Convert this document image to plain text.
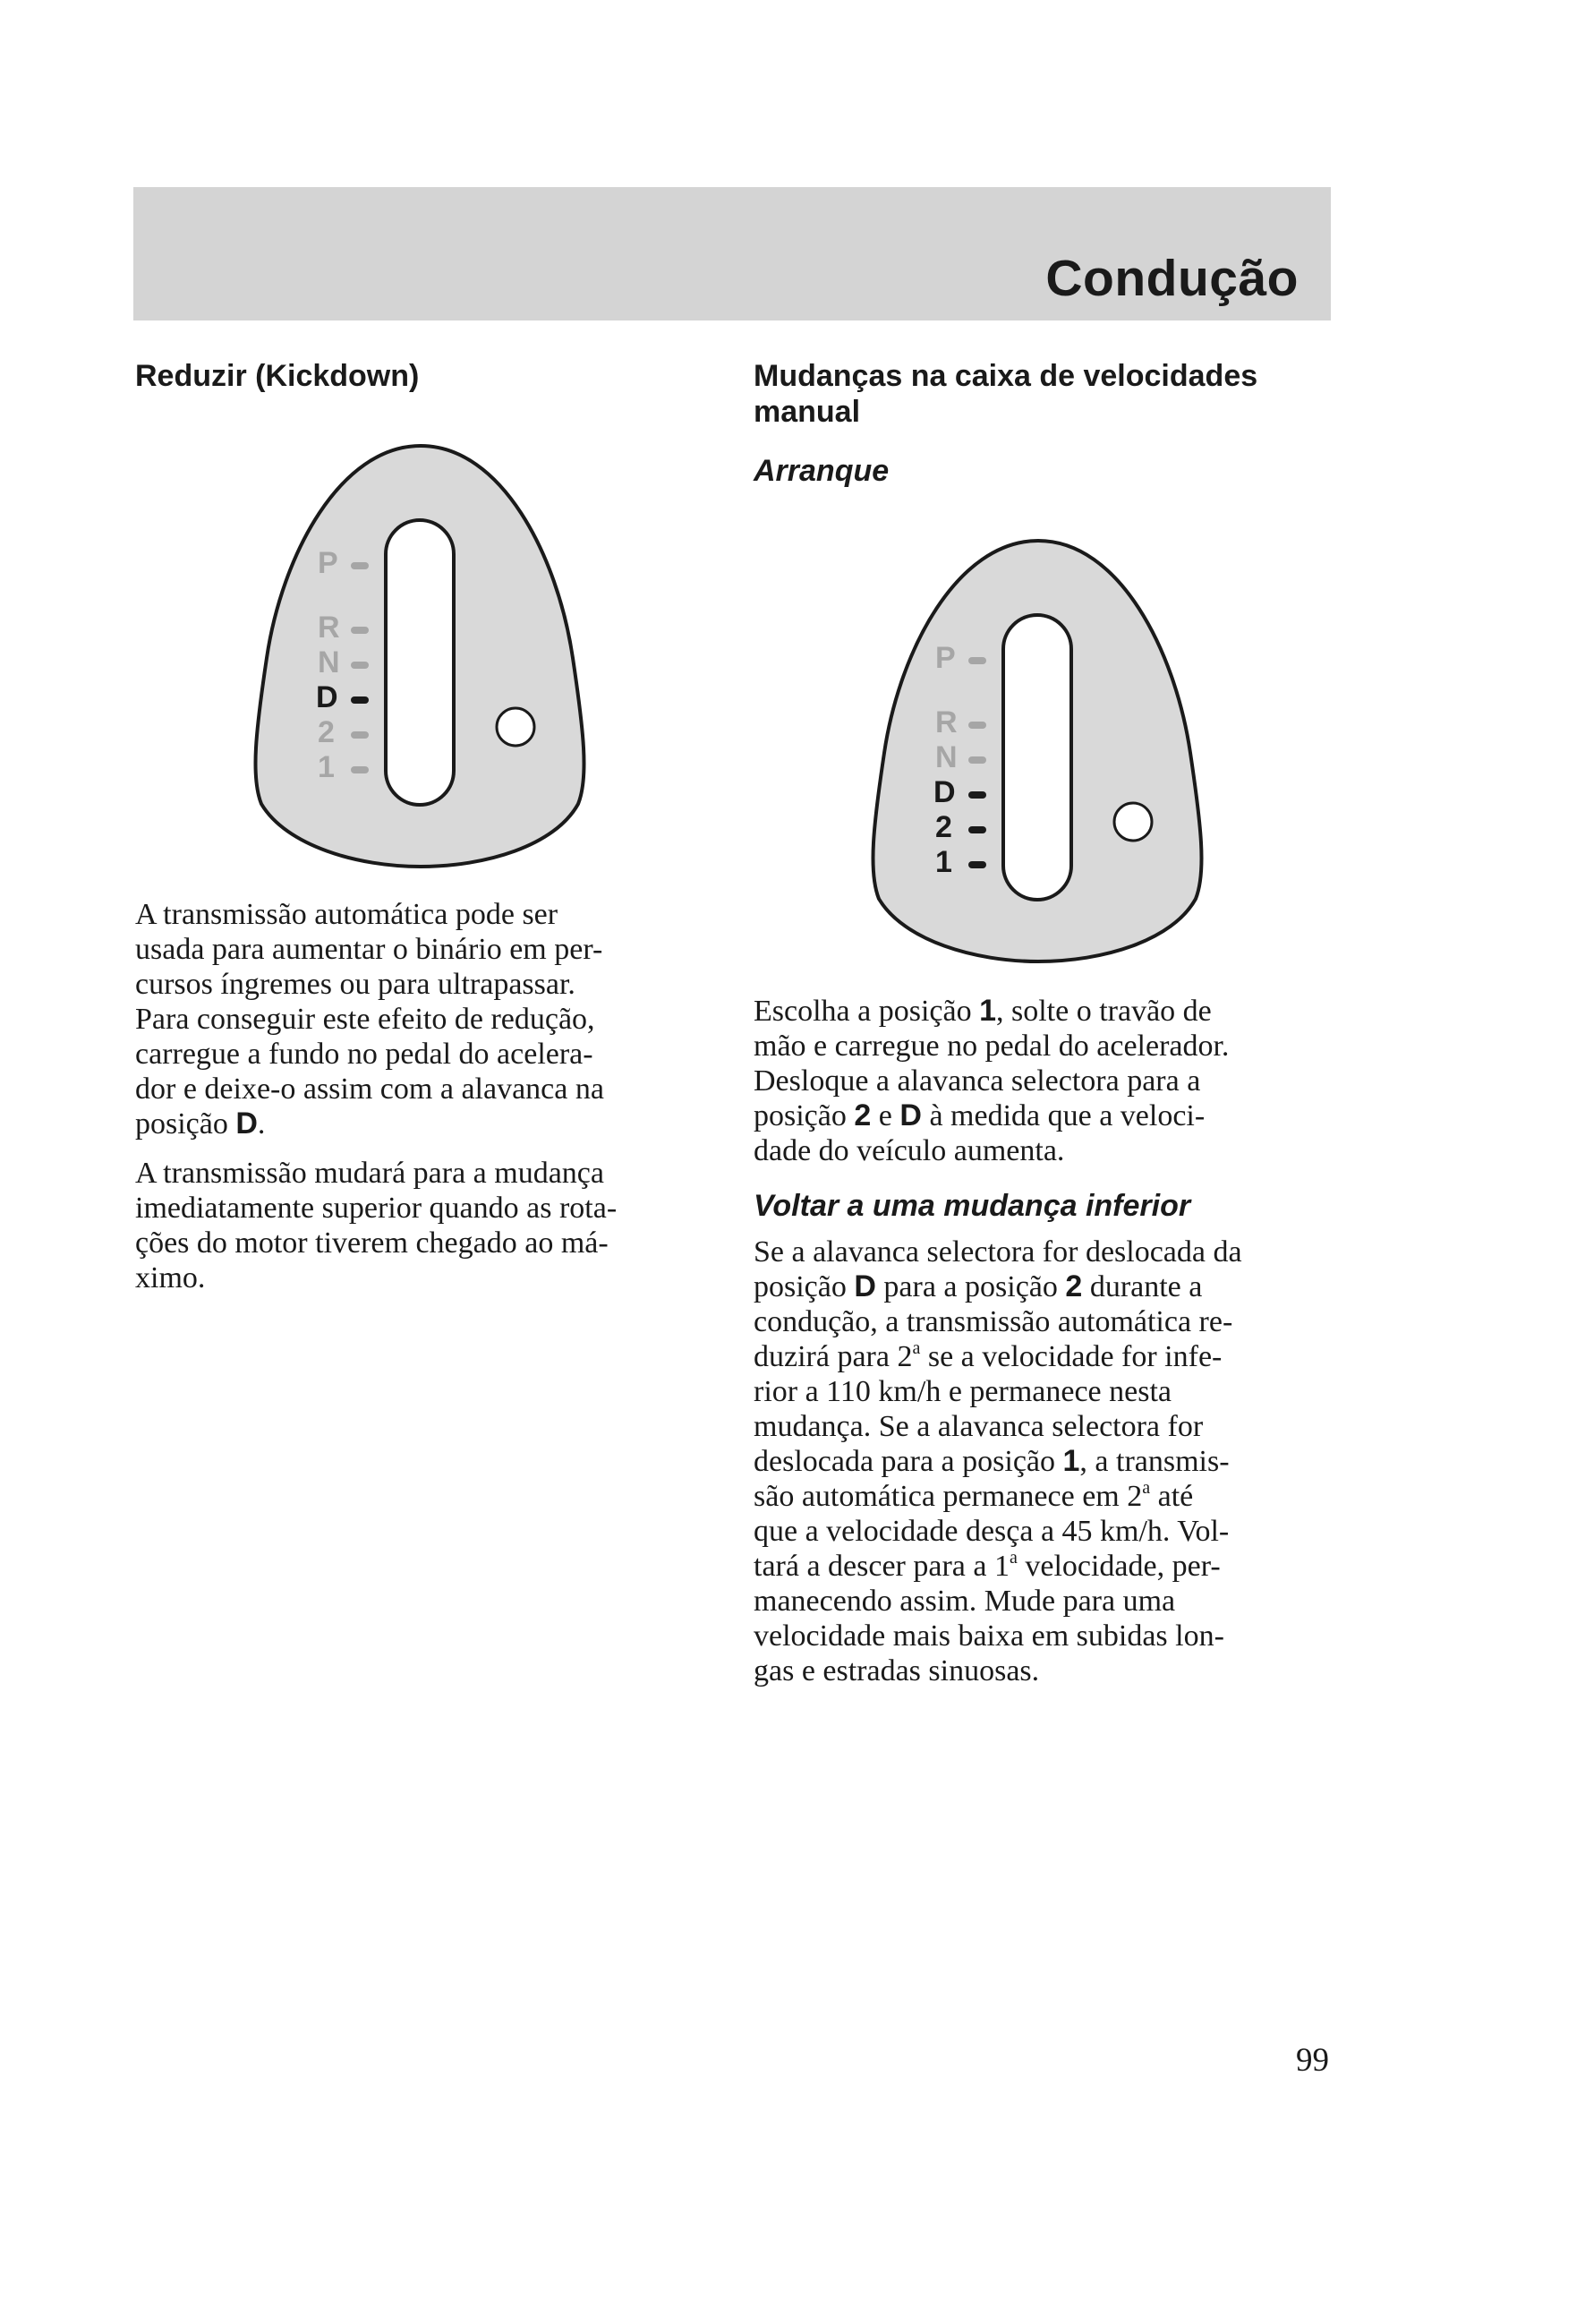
Condução
Reduzir (Kickdown)
P
R
N
D
2
1

A transmissão automática pode ser
usada para aumentar o binário em per-
cursos íngremes ou para ultrapassar.
Para conseguir este efeito de redução,
carregue a fundo no pedal do acelera-
dor e deixe-o assim com a alavanca na
posição D.

A transmissão mudará para a mudança
imediatamente superior quando as rota-
ções do motor tiverem chegado ao má-
ximo.

Mudanças na caixa de velocidades
manual
Arranque
P
R
N
D
2
1

Escolha a posição 1, solte o travão de
mão e carregue no pedal do acelerador.
Desloque a alavanca selectora para a
posição 2 e D à medida que a veloci-
dade do veículo aumenta.

Voltar a uma mudança inferior

Se a alavanca selectora for deslocada da
posição D para a posição 2 durante a
condução, a transmissão automática re-
duzirá para 2$^a$ se a velocidade for infe-
rior a 110 km/h e permanece nesta
mudança. Se a alavanca selectora for
deslocada para a posição 1, a transmis-
são automática permanece em 2$^a$ até
que a velocidade desça a 45 km/h. Vol-
tará a descer para a 1$^a$ velocidade, per-
manecendo assim. Mude para uma
velocidade mais baixa em subidas lon-
gas e estradas sinuosas.

99
